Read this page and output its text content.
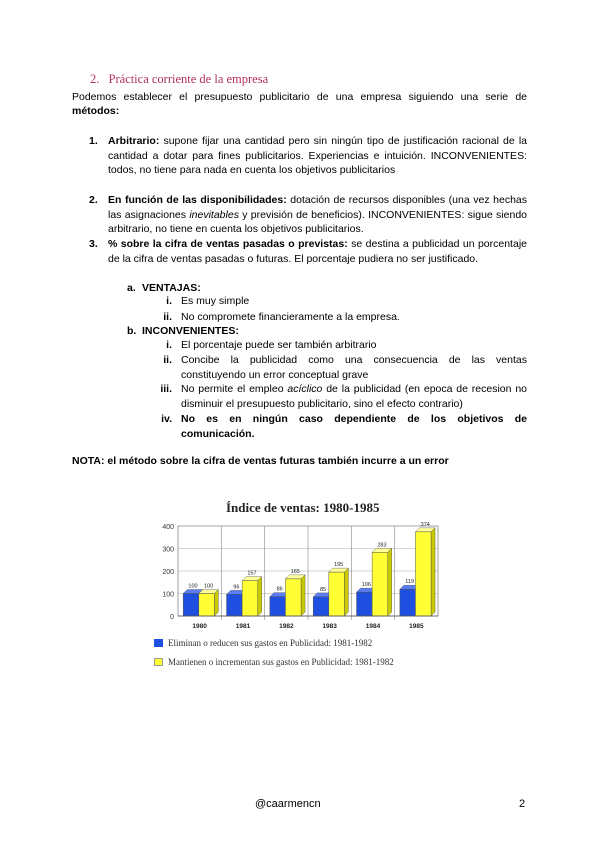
2. Práctica corriente de la empresa
Podemos establecer el presupuesto publicitario de una empresa siguiendo una serie de métodos:
1. Arbitrario: supone fijar una cantidad pero sin ningún tipo de justificación racional de la cantidad a dotar para fines publicitarios. Experiencias e intuición. INCONVENIENTES: todos, no tiene para nada en cuenta los objetivos publicitarios
2. En función de las disponibilidades: dotación de recursos disponibles (una vez hechas las asignaciones inevitables y previsión de beneficios). INCONVENIENTES: sigue siendo arbitrario, no tiene en cuenta los objetivos publicitarios.
3. % sobre la cifra de ventas pasadas o previstas: se destina a publicidad un porcentaje de la cifra de ventas pasadas o futuras. El porcentaje pudiera no ser justificado.
a. VENTAJAS:
i. Es muy simple
ii. No compromete financieramente a la empresa.
b. INCONVENIENTES:
i. El porcentaje puede ser también arbitrario
ii. Concibe la publicidad como una consecuencia de las ventas constituyendo un error conceptual grave
iii. No permite el empleo acíclico de la publicidad (en epoca de recesion no disminuir el presupuesto publicitario, sino el efecto contrario)
iv. No es en ningún caso dependiente de los objetivos de comunicación.
NOTA: el método sobre la cifra de ventas futuras también incurre a un error
Índice de ventas: 1980-1985
0
100
200
300
400
100 100
1980
96
157
1981
86
165
1982
85
195
1983
106
283
1984
119
374
1985
Eliminan o reducen sus gastos en Publicidad: 1981-1982
Mantienen o incrementan sus gastos en Publicidad: 1981-1982
@caarmencn	2
